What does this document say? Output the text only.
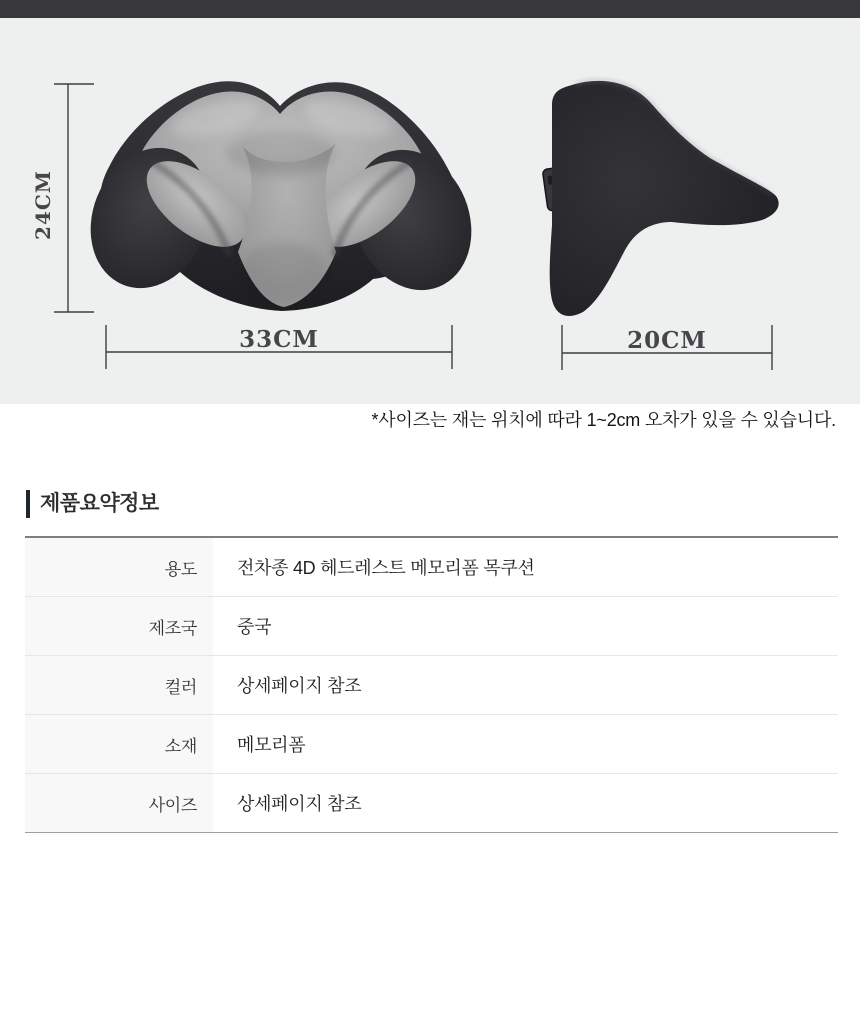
24CM
33CM	20CM
*사이즈는 재는 위치에 따라 1~2cm 오차가 있을 수 있습니다.
제품요약정보
용도	전차종 4D 헤드레스트 메모리폼 목쿠션
제조국	중국
컬러	상세페이지 참조
소재	메모리폼
사이즈	상세페이지 참조
